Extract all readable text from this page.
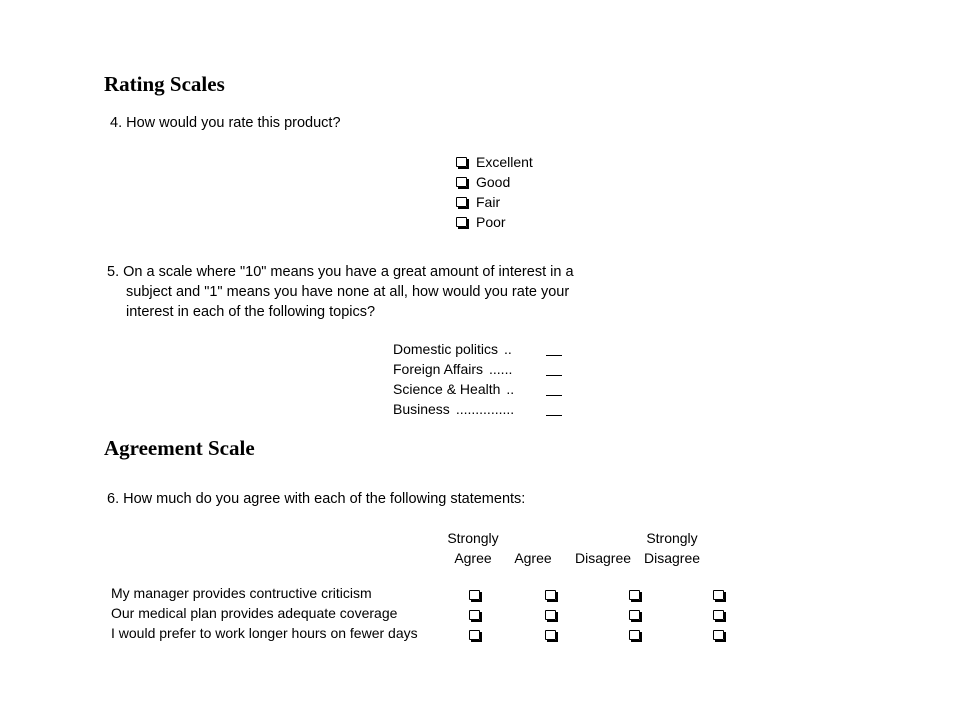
Rating Scales
4. How would you rate this product?
Excellent
Good
Fair
Poor
5. On a scale where "10" means you have a great amount of interest in a
subject and "1" means you have none at all, how would you rate your
interest in each of the following topics?
Domestic politics ..
Foreign Affairs ......
Science & Health ..
Business ...............
Agreement Scale
6. How much do you agree with each of the following statements:
Strongly
Agree
	Agree
	Disagree
Strongly
Disagree
My manager provides contructive criticism

Our medical plan provides adequate coverage

I would prefer to work longer hours on fewer days
